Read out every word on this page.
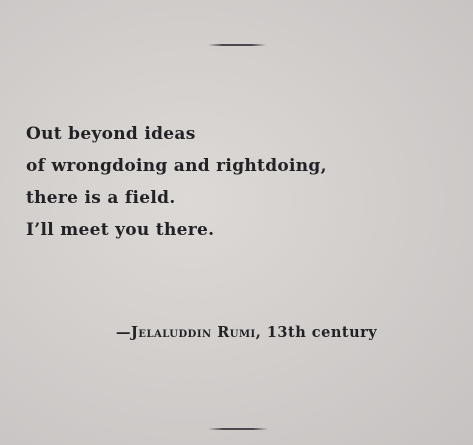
Out beyond ideas
of wrongdoing and rightdoing,
there is a field.
I’ll meet you there.
—Jelaluddin Rumi, 13th century
